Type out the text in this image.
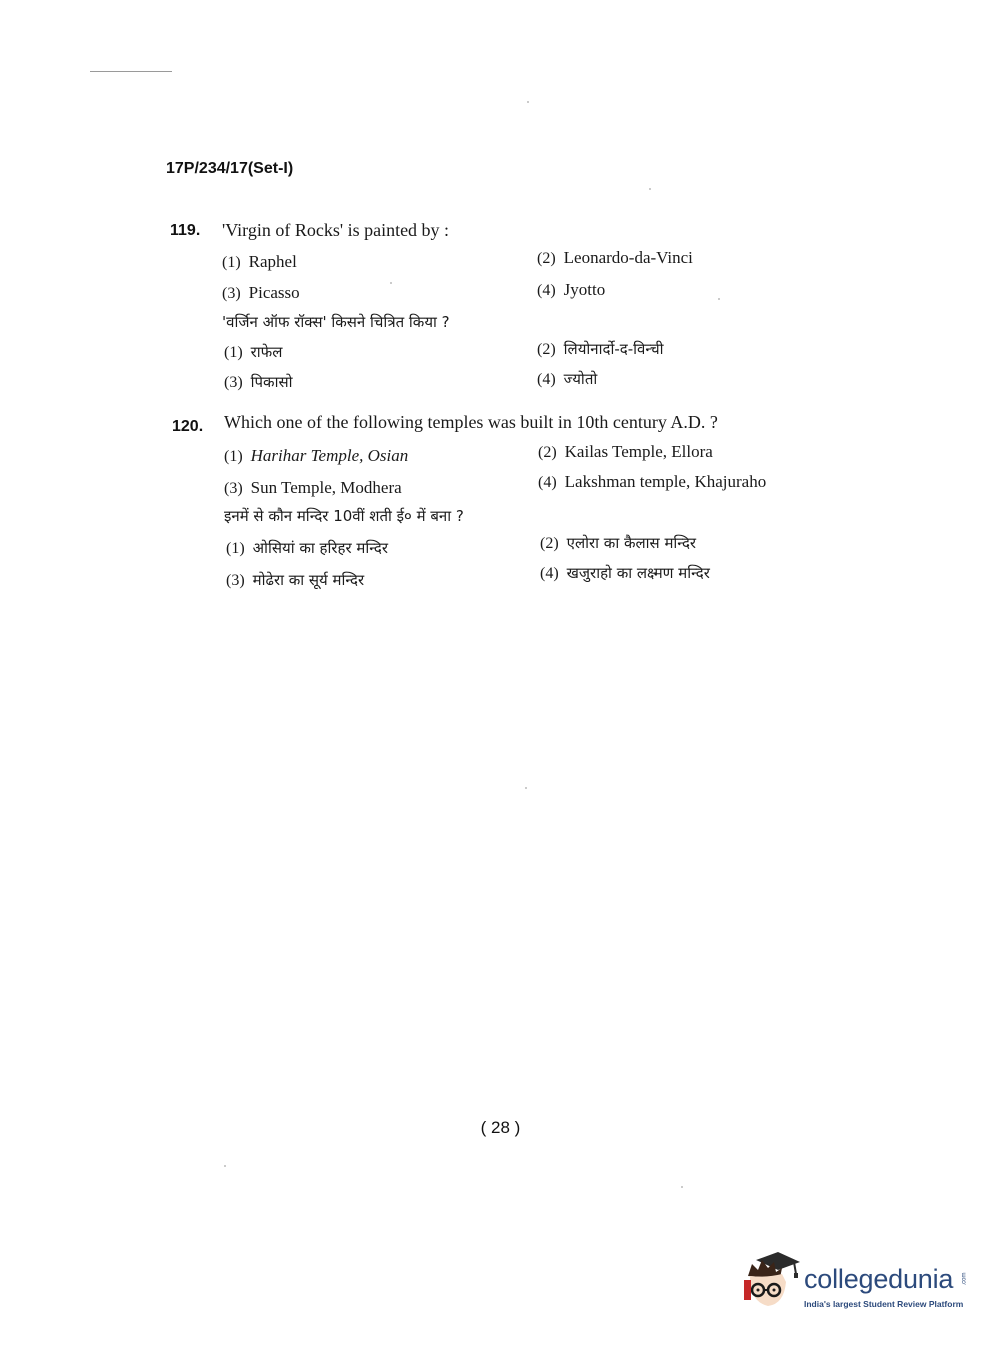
17P/234/17(Set-I)
119. 'Virgin of Rocks' is painted by :
(1) Raphel	(2) Leonardo-da-Vinci
(3) Picasso	(4) Jyotto
'वर्जिन ऑफ रॉक्स' किसने चित्रित किया ?
(1) राफेल	(2) लियोनार्दो-द-विन्ची
(3) पिकासो	(4) ज्योतो
120. Which one of the following temples was built in 10th century A.D. ?
(1) Harihar Temple, Osian	(2) Kailas Temple, Ellora
(3) Sun Temple, Modhera	(4) Lakshman temple, Khajuraho
इनमें से कौन मन्दिर 10वीं शती ई० में बना ?
(1) ओसियां का हरिहर मन्दिर	(2) एलोरा का कैलास मन्दिर
(3) मोढेरा का सूर्य मन्दिर	(4) खजुराहो का लक्ष्मण मन्दिर
( 28 )
collegedunia .com
India's largest Student Review Platform
